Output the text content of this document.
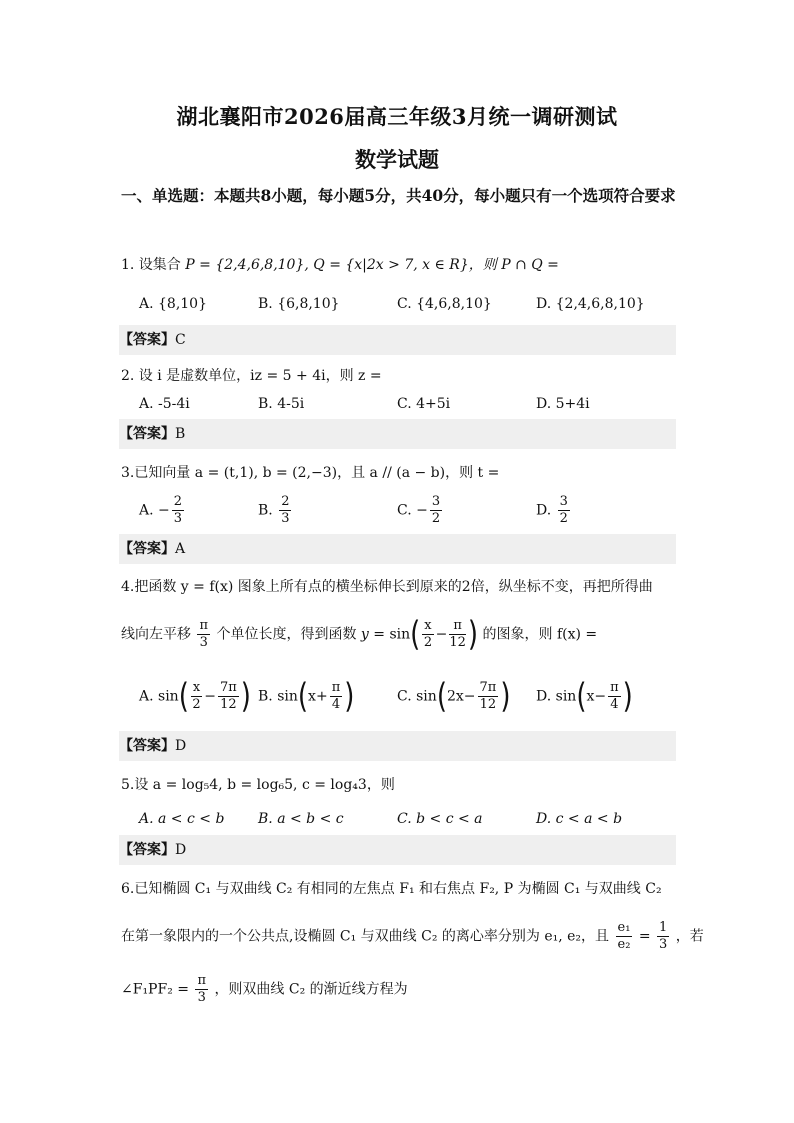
湖北襄阳市2026届高三年级3月统一调研测试
数学试题
一、单选题：本题共8小题，每小题5分，共40分，每小题只有一个选项符合要求
1. 设集合 P = {2,4,6,8,10}, Q = {x|2x > 7, x ∈ R}，则 P ∩ Q =
A. {8,10}	B. {6,8,10}	C. {4,6,8,10}	D. {2,4,6,8,10}
【答案】C
2. 设 i 是虚数单位，iz = 5 + 4i，则 z =
A. -5-4i	B. 4-5i	C. 4+5i	D. 5+4i
【答案】B
3.已知向量 a = (t,1), b = (2,−3)，且 a // (a − b)，则 t =
A. − $\frac{2}{3}$	B. $\frac{2}{3}$	C. − $\frac{3}{2}$	D. $\frac{3}{2}$
【答案】A
4.把函数 y = f(x) 图象上所有点的横坐标伸长到原来的2倍，纵坐标不变，再把所得曲
线向左平移 $\frac{\pi}{3}$ 个单位长度，得到函数 $y = \sin( \frac{x}{2} - \frac{\pi}{12}$ ) 的图象，则 f(x) =
A. $\sin( \frac{x}{2} - \frac{7\pi}{12}$ ) B. $\sin(x+ \frac{\pi}{4}$ )	C. $\sin(2x- \frac{7\pi}{12}$ ) D. $\sin(x- \frac{\pi}{4}$ )
【答案】D
5.设 a = log₅4, b = log₆5, c = log₄3，则
A. a < c < b B. a < b < c	C. b < c < a	D. c < a < b
【答案】D
6.已知椭圆 C₁ 与双曲线 C₂ 有相同的左焦点 F₁ 和右焦点 F₂, P 为椭圆 C₁ 与双曲线 C₂
在第一象限内的一个公共点,设椭圆 C₁ 与双曲线 C₂ 的离心率分别为 e₁, e₂，且 $\frac{\text{e₁}}{\text{e₂}} = \frac{1}{3}$ ，若
∠F₁PF₂ = $\frac{\pi}{3}$ ，则双曲线 C₂ 的渐近线方程为
